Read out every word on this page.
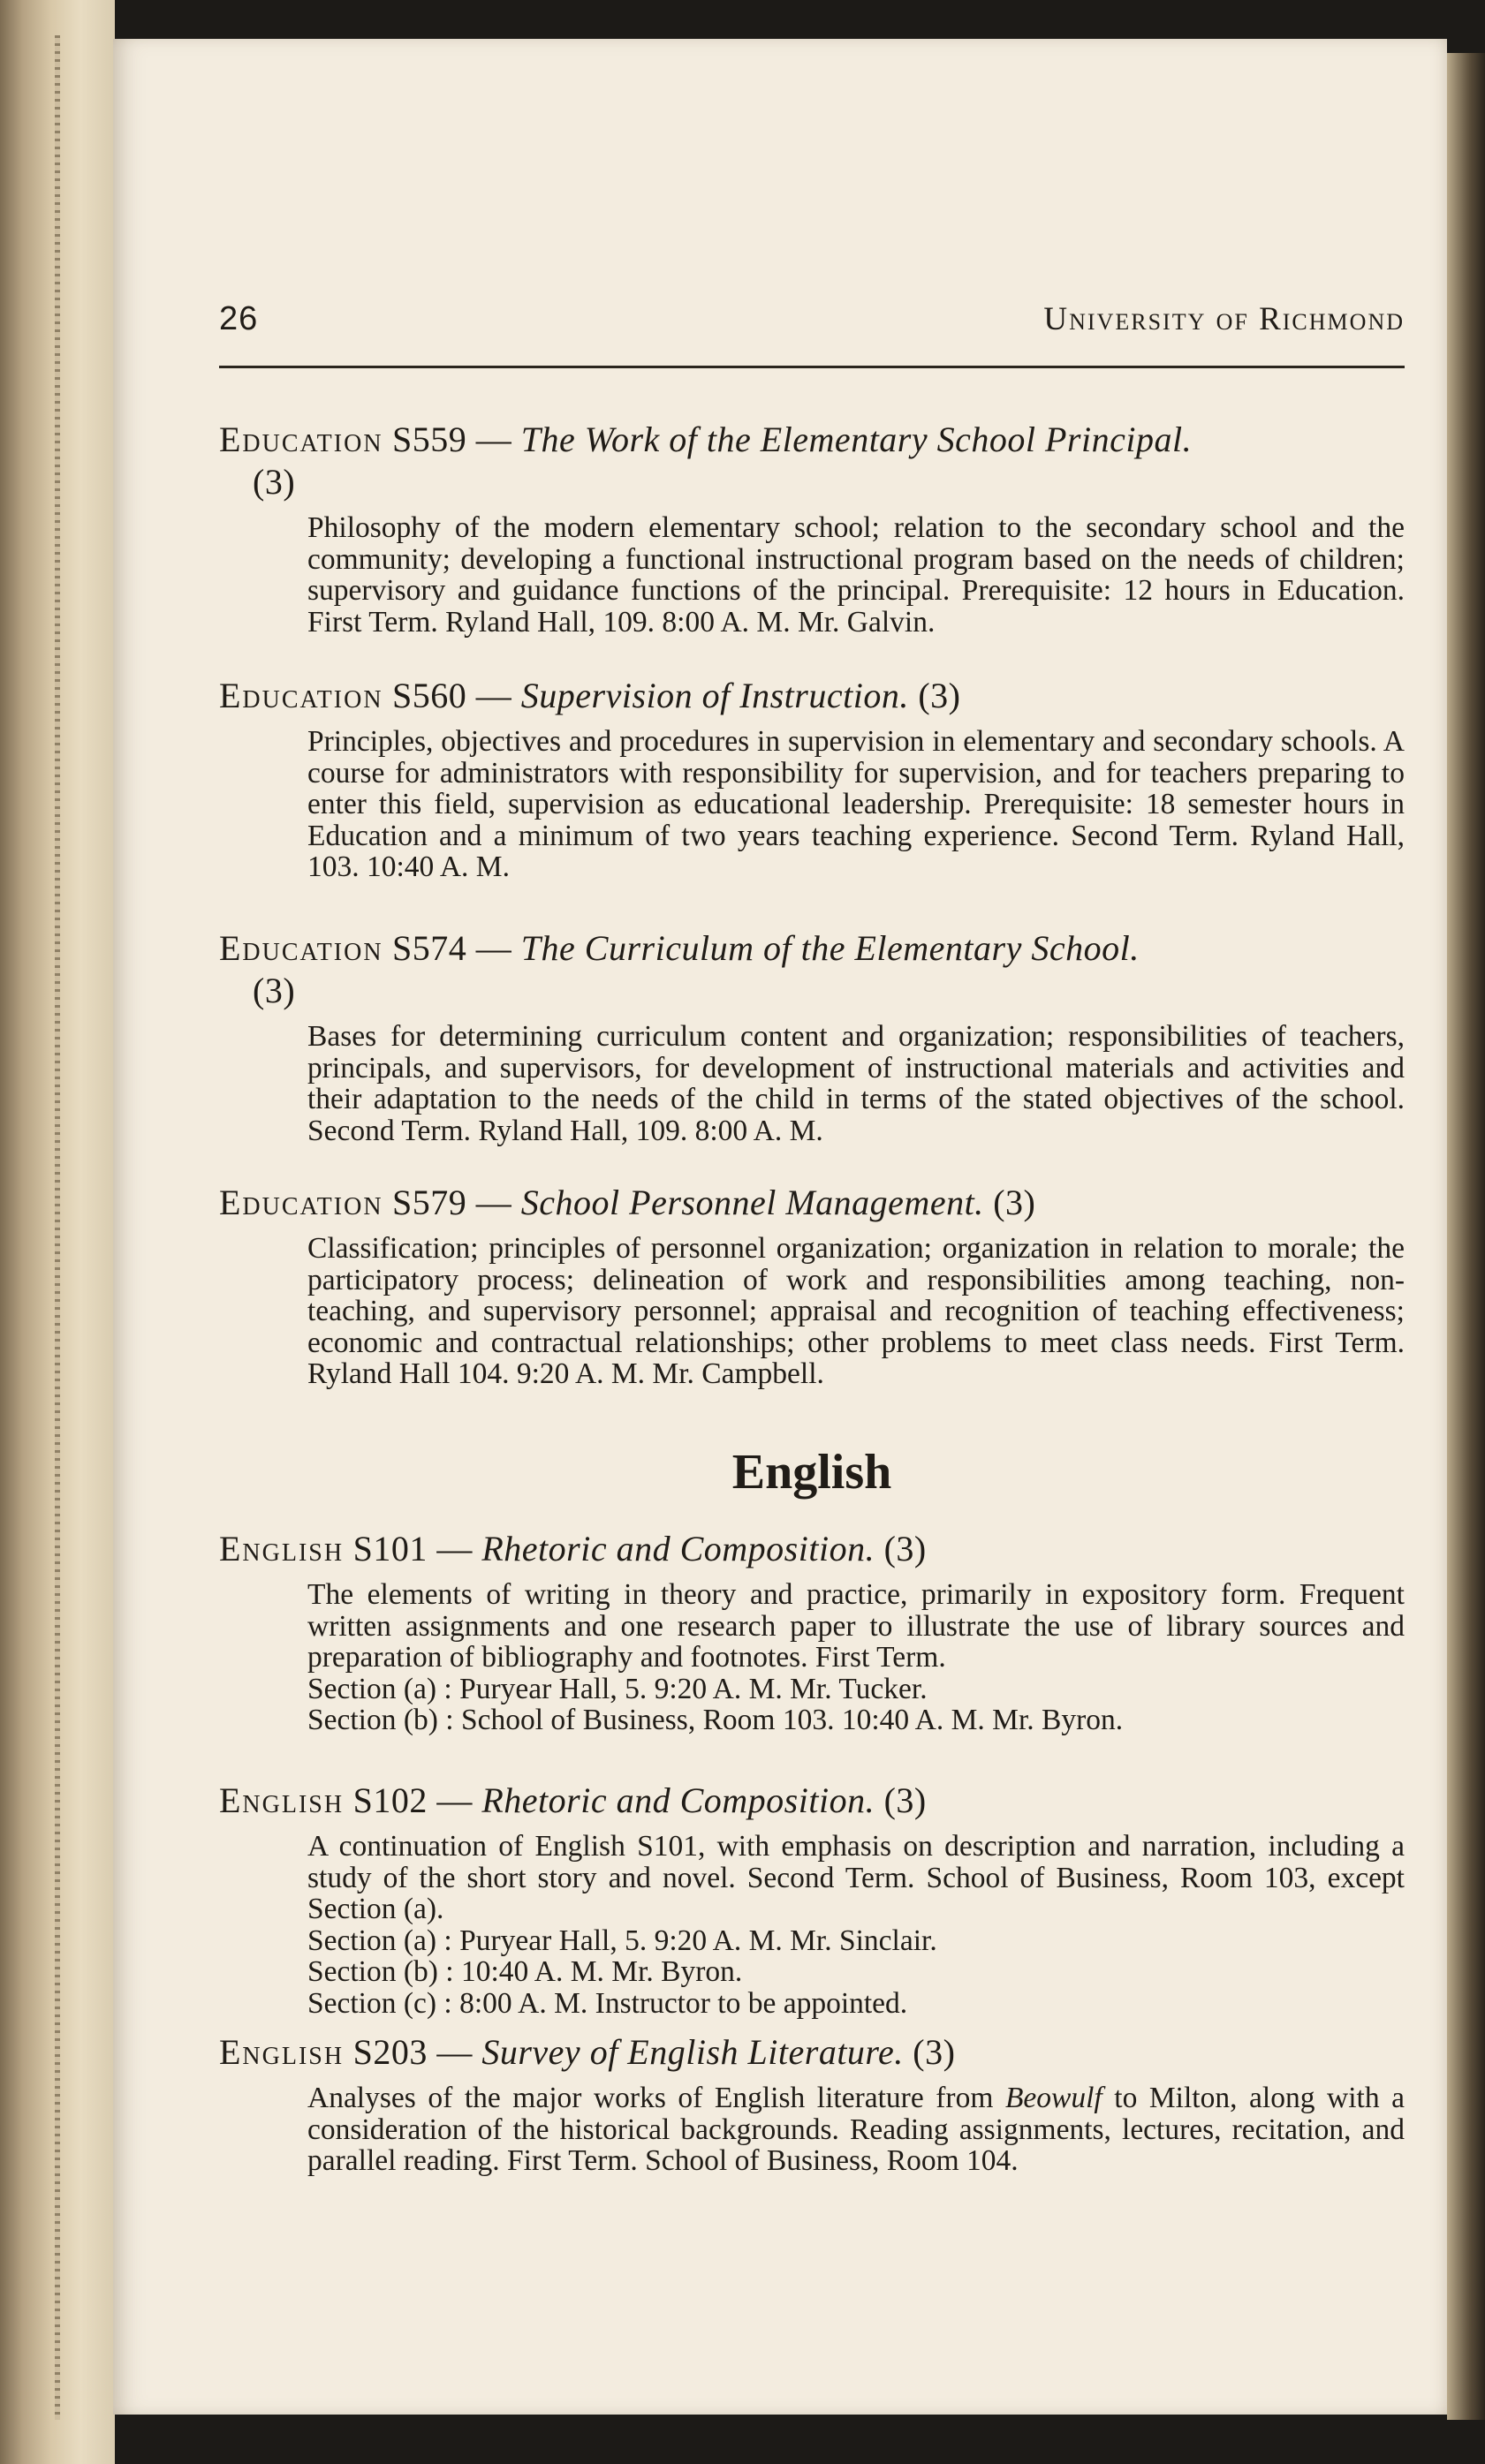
26	University of Richmond

Education S559 — The Work of the Elementary School Principal.
(3)

Philosophy of the modern elementary school; relation to the secondary school and the community; developing a functional instructional program based on the needs of children; supervisory and guidance functions of the principal. Prerequisite: 12 hours in Education. First Term. Ryland Hall, 109. 8:00 A. M. Mr. Galvin.

Education S560 — Supervision of Instruction. (3)

Principles, objectives and procedures in supervision in elementary and secondary schools. A course for administrators with responsibility for supervision, and for teachers preparing to enter this field, supervision as educational leadership. Prerequisite: 18 semester hours in Education and a minimum of two years teaching experience. Second Term. Ryland Hall, 103. 10:40 A. M.

Education S574 — The Curriculum of the Elementary School.
(3)

Bases for determining curriculum content and organization; responsibilities of teachers, principals, and supervisors, for development of instructional materials and activities and their adaptation to the needs of the child in terms of the stated objectives of the school. Second Term. Ryland Hall, 109. 8:00 A. M.

Education S579 — School Personnel Management. (3)

Classification; principles of personnel organization; organization in relation to morale; the participatory process; delineation of work and responsibilities among teaching, non-teaching, and supervisory personnel; appraisal and recognition of teaching effectiveness; economic and contractual relationships; other problems to meet class needs. First Term. Ryland Hall 104. 9:20 A. M. Mr. Campbell.

English

English S101 — Rhetoric and Composition. (3)

The elements of writing in theory and practice, primarily in expository form. Frequent written assignments and one research paper to illustrate the use of library sources and preparation of bibliography and footnotes. First Term.

Section (a) : Puryear Hall, 5. 9:20 A. M. Mr. Tucker.

Section (b) : School of Business, Room 103. 10:40 A. M. Mr. Byron.

English S102 — Rhetoric and Composition. (3)

A continuation of English S101, with emphasis on description and narration, including a study of the short story and novel. Second Term. School of Business, Room 103, except Section (a).

Section (a) : Puryear Hall, 5. 9:20 A. M. Mr. Sinclair.

Section (b) : 10:40 A. M. Mr. Byron.

Section (c) : 8:00 A. M. Instructor to be appointed.

English S203 — Survey of English Literature. (3)

Analyses of the major works of English literature from Beowulf to Milton, along with a consideration of the historical backgrounds. Reading assignments, lectures, recitation, and parallel reading. First Term. School of Business, Room 104.
